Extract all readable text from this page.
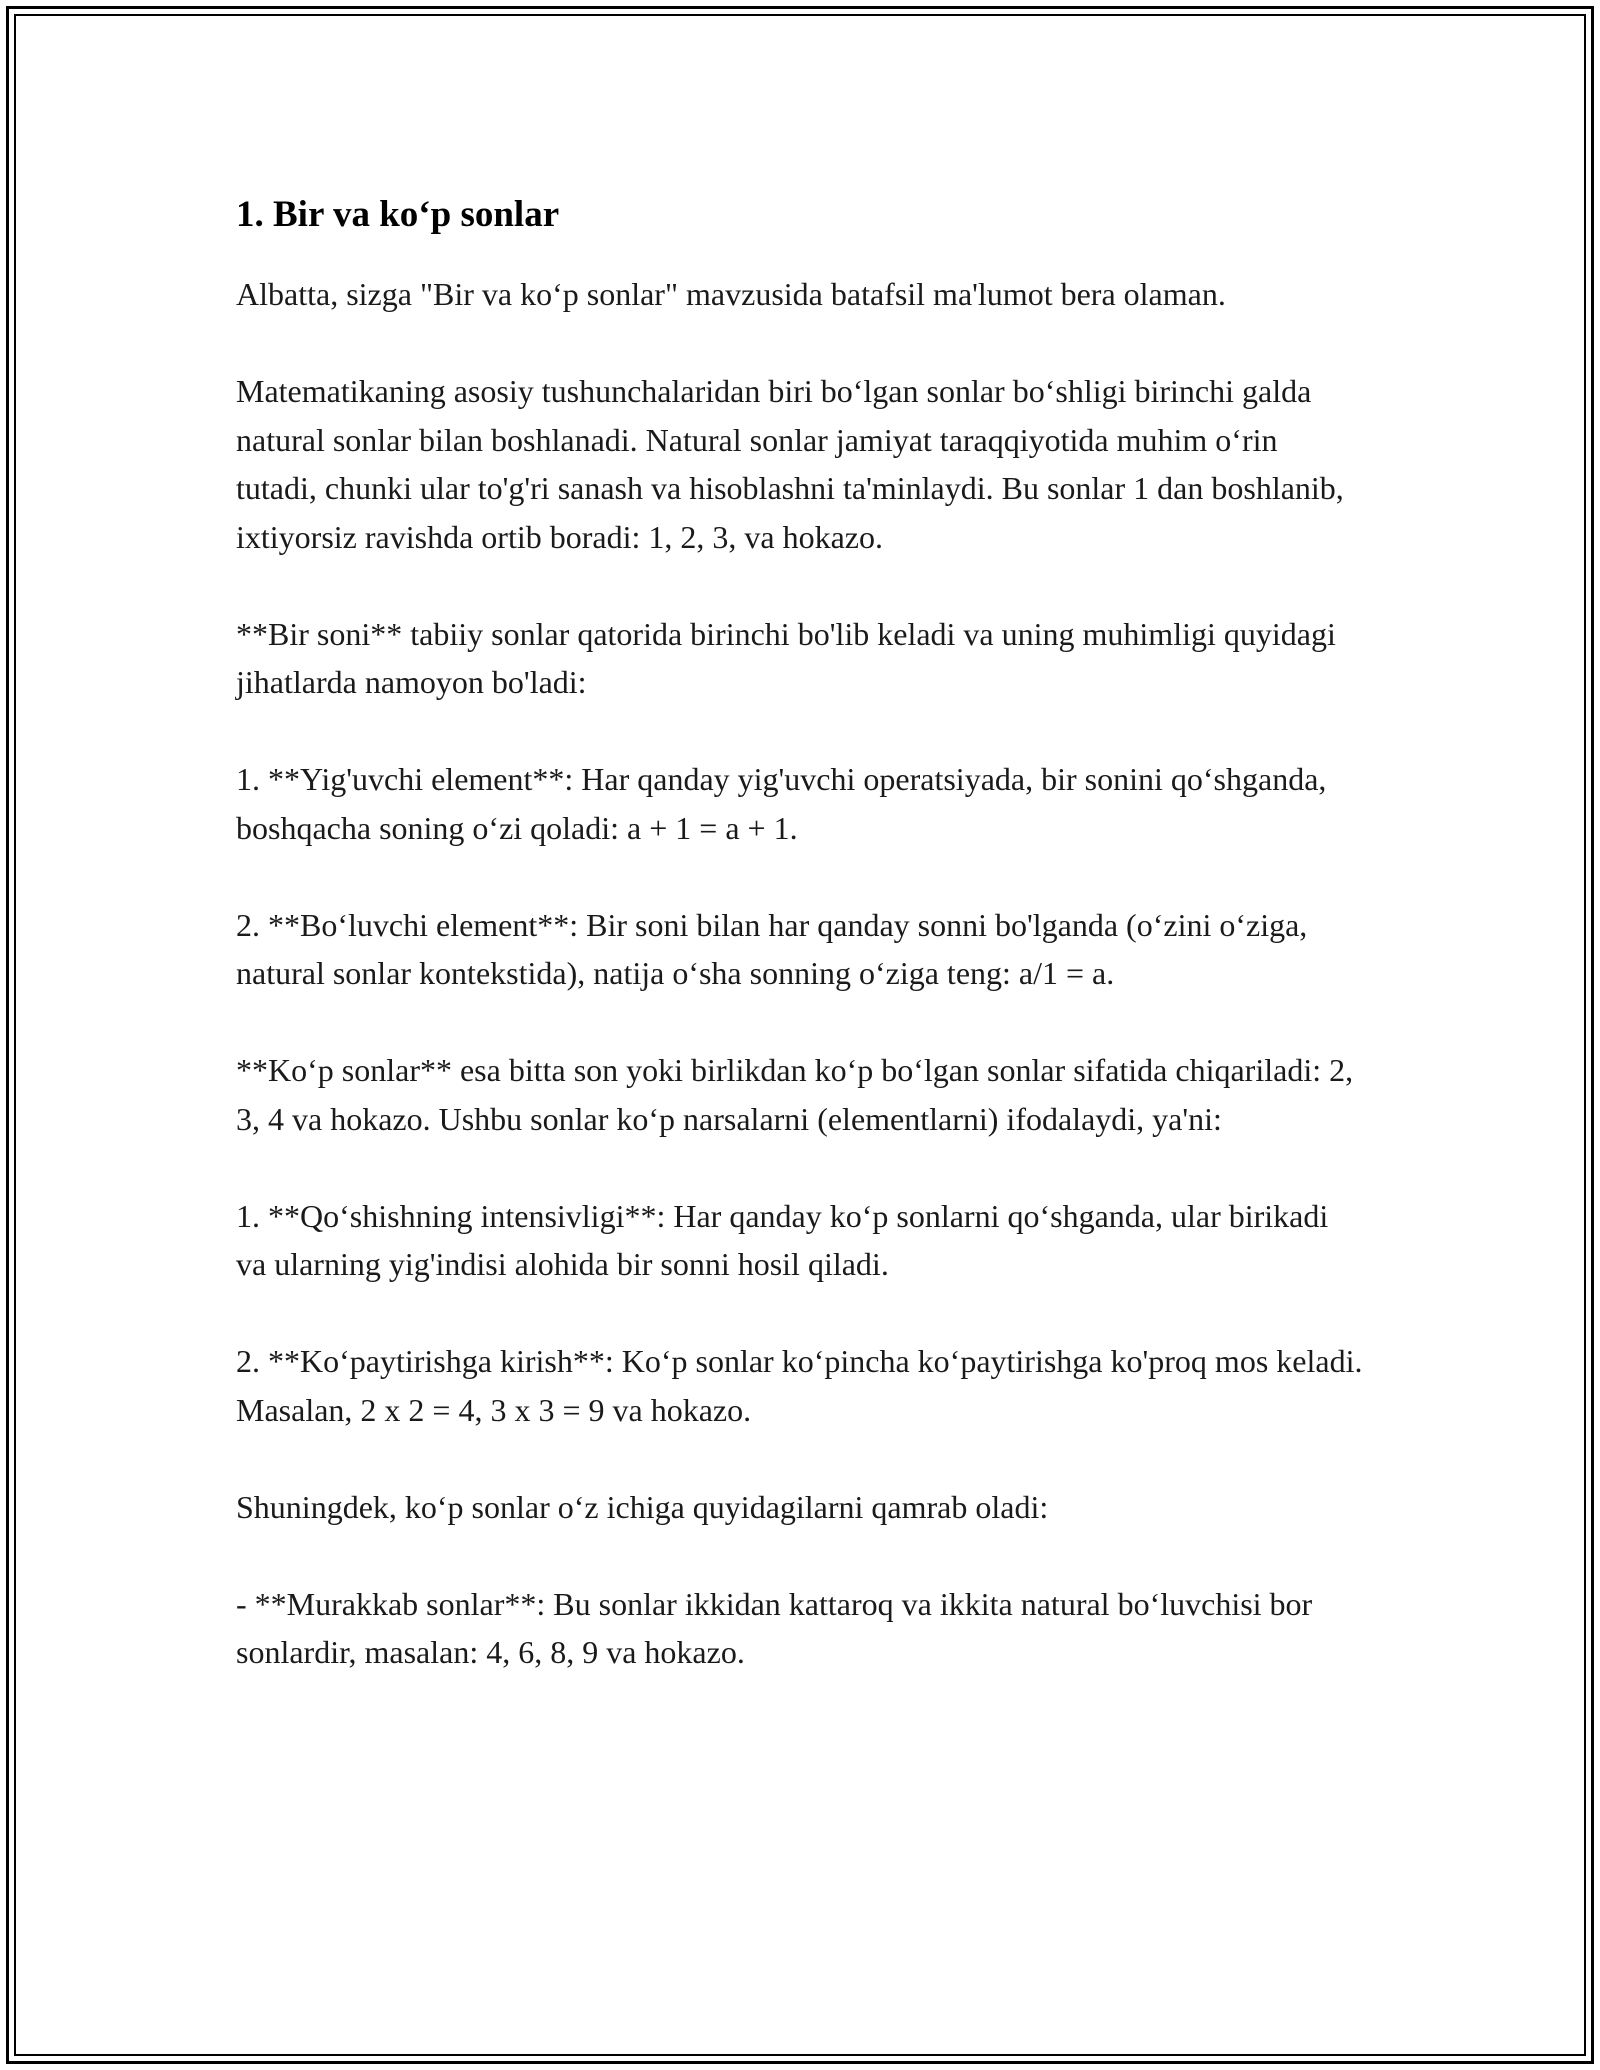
1. Bir va ko‘p sonlar

Albatta, sizga "Bir va ko‘p sonlar" mavzusida batafsil ma'lumot bera olaman.

Matematikaning asosiy tushunchalaridan biri bo‘lgan sonlar bo‘shligi birinchi galda natural sonlar bilan boshlanadi. Natural sonlar jamiyat taraqqiyotida muhim o‘rin tutadi, chunki ular to'g'ri sanash va hisoblashni ta'minlaydi. Bu sonlar 1 dan boshlanib, ixtiyorsiz ravishda ortib boradi: 1, 2, 3, va hokazo.

**Bir soni** tabiiy sonlar qatorida birinchi bo'lib keladi va uning muhimligi quyidagi jihatlarda namoyon bo'ladi:

1. **Yig'uvchi element**: Har qanday yig'uvchi operatsiyada, bir sonini qo‘shganda, boshqacha soning o‘zi qoladi: a + 1 = a + 1.

2. **Bo‘luvchi element**: Bir soni bilan har qanday sonni bo'lganda (o‘zini o‘ziga, natural sonlar kontekstida), natija o‘sha sonning o‘ziga teng: a/1 = a.

**Ko‘p sonlar** esa bitta son yoki birlikdan ko‘p bo‘lgan sonlar sifatida chiqariladi: 2, 3, 4 va hokazo. Ushbu sonlar ko‘p narsalarni (elementlarni) ifodalaydi, ya'ni:

1. **Qo‘shishning intensivligi**: Har qanday ko‘p sonlarni qo‘shganda, ular birikadi va ularning yig'indisi alohida bir sonni hosil qiladi.

2. **Ko‘paytirishga kirish**: Ko‘p sonlar ko‘pincha ko‘paytirishga ko'proq mos keladi. Masalan, 2 x 2 = 4, 3 x 3 = 9 va hokazo.

Shuningdek, ko‘p sonlar o‘z ichiga quyidagilarni qamrab oladi:

- **Murakkab sonlar**: Bu sonlar ikkidan kattaroq va ikkita natural bo‘luvchisi bor sonlardir, masalan: 4, 6, 8, 9 va hokazo.
